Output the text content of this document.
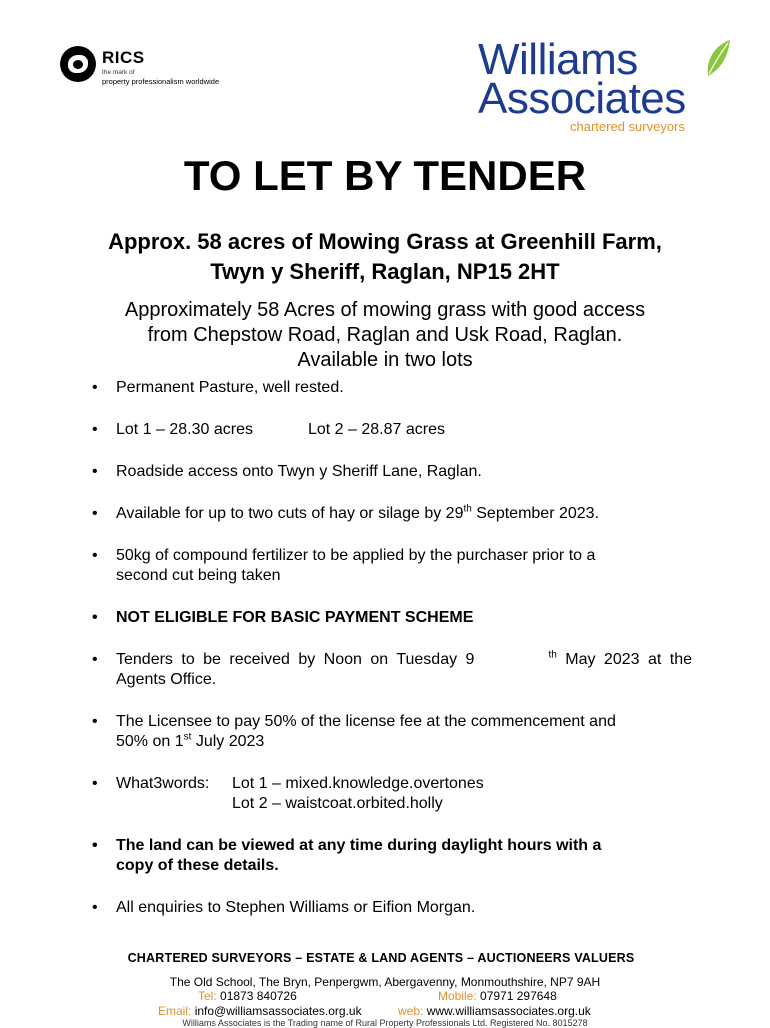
RICS
the mark of
property professionalism worldwide	Williams
Associates
chartered surveyors
TO LET BY TENDER
Approx. 58 acres of Mowing Grass at Greenhill Farm,
Twyn y Sheriff, Raglan, NP15 2HT
Approximately 58 Acres of mowing grass with good access
from Chepstow Road, Raglan and Usk Road, Raglan.
Available in two lots
• Permanent Pasture, well rested.
• Lot 1 – 28.30 acres	Lot 2 – 28.87 acres
• Roadside access onto Twyn y Sheriff Lane, Raglan.
• Available for up to two cuts of hay or silage by 29th September 2023.
• 50kg of compound fertilizer to be applied by the purchaser prior to a
second cut being taken
• NOT ELIGIBLE FOR BASIC PAYMENT SCHEME
• Tenders to be received by Noon on Tuesday 9	$^{th}$ May 2023 at the
Agents Office.
• The Licensee to pay 50% of the license fee at the commencement and
50% on 1st July 2023
• What3words: Lot 1 – mixed.knowledge.overtones
Lot 2 – waistcoat.orbited.holly
• The land can be viewed at any time during daylight hours with a
copy of these details.
• All enquiries to Stephen Williams or Eifion Morgan.
CHARTERED SURVEYORS – ESTATE & LAND AGENTS – AUCTIONEERS VALUERS
The Old School, The Bryn, Penpergwm, Abergavenny, Monmouthshire, NP7 9AH
Tel: 01873 840726	Mobile: 07971 297648
Email: info@williamsassociates.org.uk	web: www.williamsassociates.org.uk
Williams Associates is the Trading name of Rural Property Professionals Ltd. Registered No. 8015278
